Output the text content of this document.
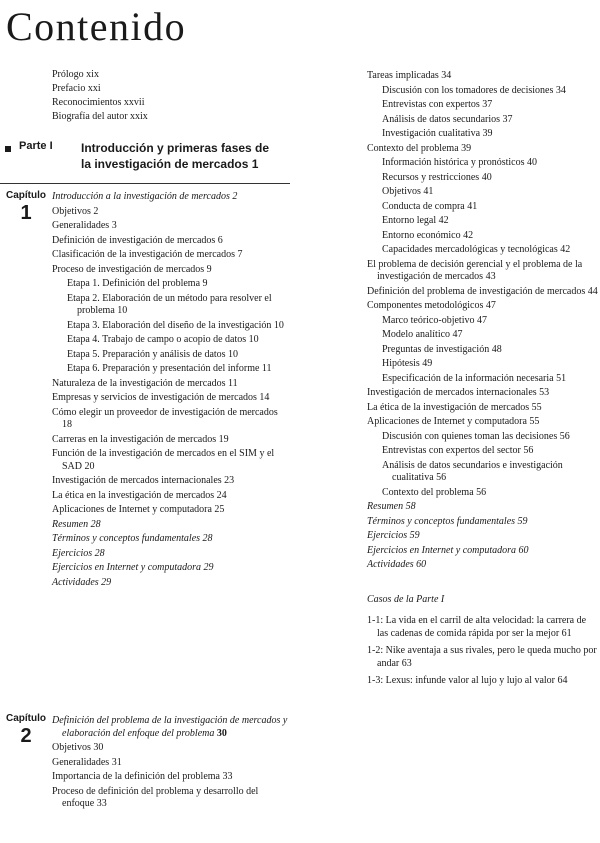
Contenido
Prólogo xix
Prefacio xxi
Reconocimientos xxvii
Biografía del autor xxix
Parte I Introducción y primeras fases de
la investigación de mercados 1
Capítulo
1
Introducción a la investigación de mercados 2
Objetivos 2
Generalidades 3
Definición de investigación de mercados 6
Clasificación de la investigación de mercados 7
Proceso de investigación de mercados 9
Etapa 1. Definición del problema 9
Etapa 2. Elaboración de un método para resolver el problema 10
Etapa 3. Elaboración del diseño de la investigación 10
Etapa 4. Trabajo de campo o acopio de datos 10
Etapa 5. Preparación y análisis de datos 10
Etapa 6. Preparación y presentación del informe 11
Naturaleza de la investigación de mercados 11
Empresas y servicios de investigación de mercados 14
Cómo elegir un proveedor de investigación de mercados 18
Carreras en la investigación de mercados 19
Función de la investigación de mercados en el SIM y el SAD 20
Investigación de mercados internacionales 23
La ética en la investigación de mercados 24
Aplicaciones de Internet y computadora 25
Resumen 28
Términos y conceptos fundamentales 28
Ejercicios 28
Ejercicios en Internet y computadora 29
Actividades 29
Capítulo
2
Definición del problema de la investigación de mercados y elaboración del enfoque del problema 30
Objetivos 30
Generalidades 31
Importancia de la definición del problema 33
Proceso de definición del problema y desarrollo del enfoque 33
Tareas implicadas 34
Discusión con los tomadores de decisiones 34
Entrevistas con expertos 37
Análisis de datos secundarios 37
Investigación cualitativa 39
Contexto del problema 39
Información histórica y pronósticos 40
Recursos y restricciones 40
Objetivos 41
Conducta de compra 41
Entorno legal 42
Entorno económico 42
Capacidades mercadológicas y tecnológicas 42
El problema de decisión gerencial y el problema de la investigación de mercados 43
Definición del problema de investigación de mercados 44
Componentes metodológicos 47
Marco teórico-objetivo 47
Modelo analítico 47
Preguntas de investigación 48
Hipótesis 49
Especificación de la información necesaria 51
Investigación de mercados internacionales 53
La ética de la investigación de mercados 55
Aplicaciones de Internet y computadora 55
Discusión con quienes toman las decisiones 56
Entrevistas con expertos del sector 56
Análisis de datos secundarios e investigación cualitativa 56
Contexto del problema 56
Resumen 58
Términos y conceptos fundamentales 59
Ejercicios 59
Ejercicios en Internet y computadora 60
Actividades 60
Casos de la Parte I
1-1: La vida en el carril de alta velocidad: la carrera de las cadenas de comida rápida por ser la mejor 61
1-2: Nike aventaja a sus rivales, pero le queda mucho por andar 63
1-3: Lexus: infunde valor al lujo y lujo al valor 64
